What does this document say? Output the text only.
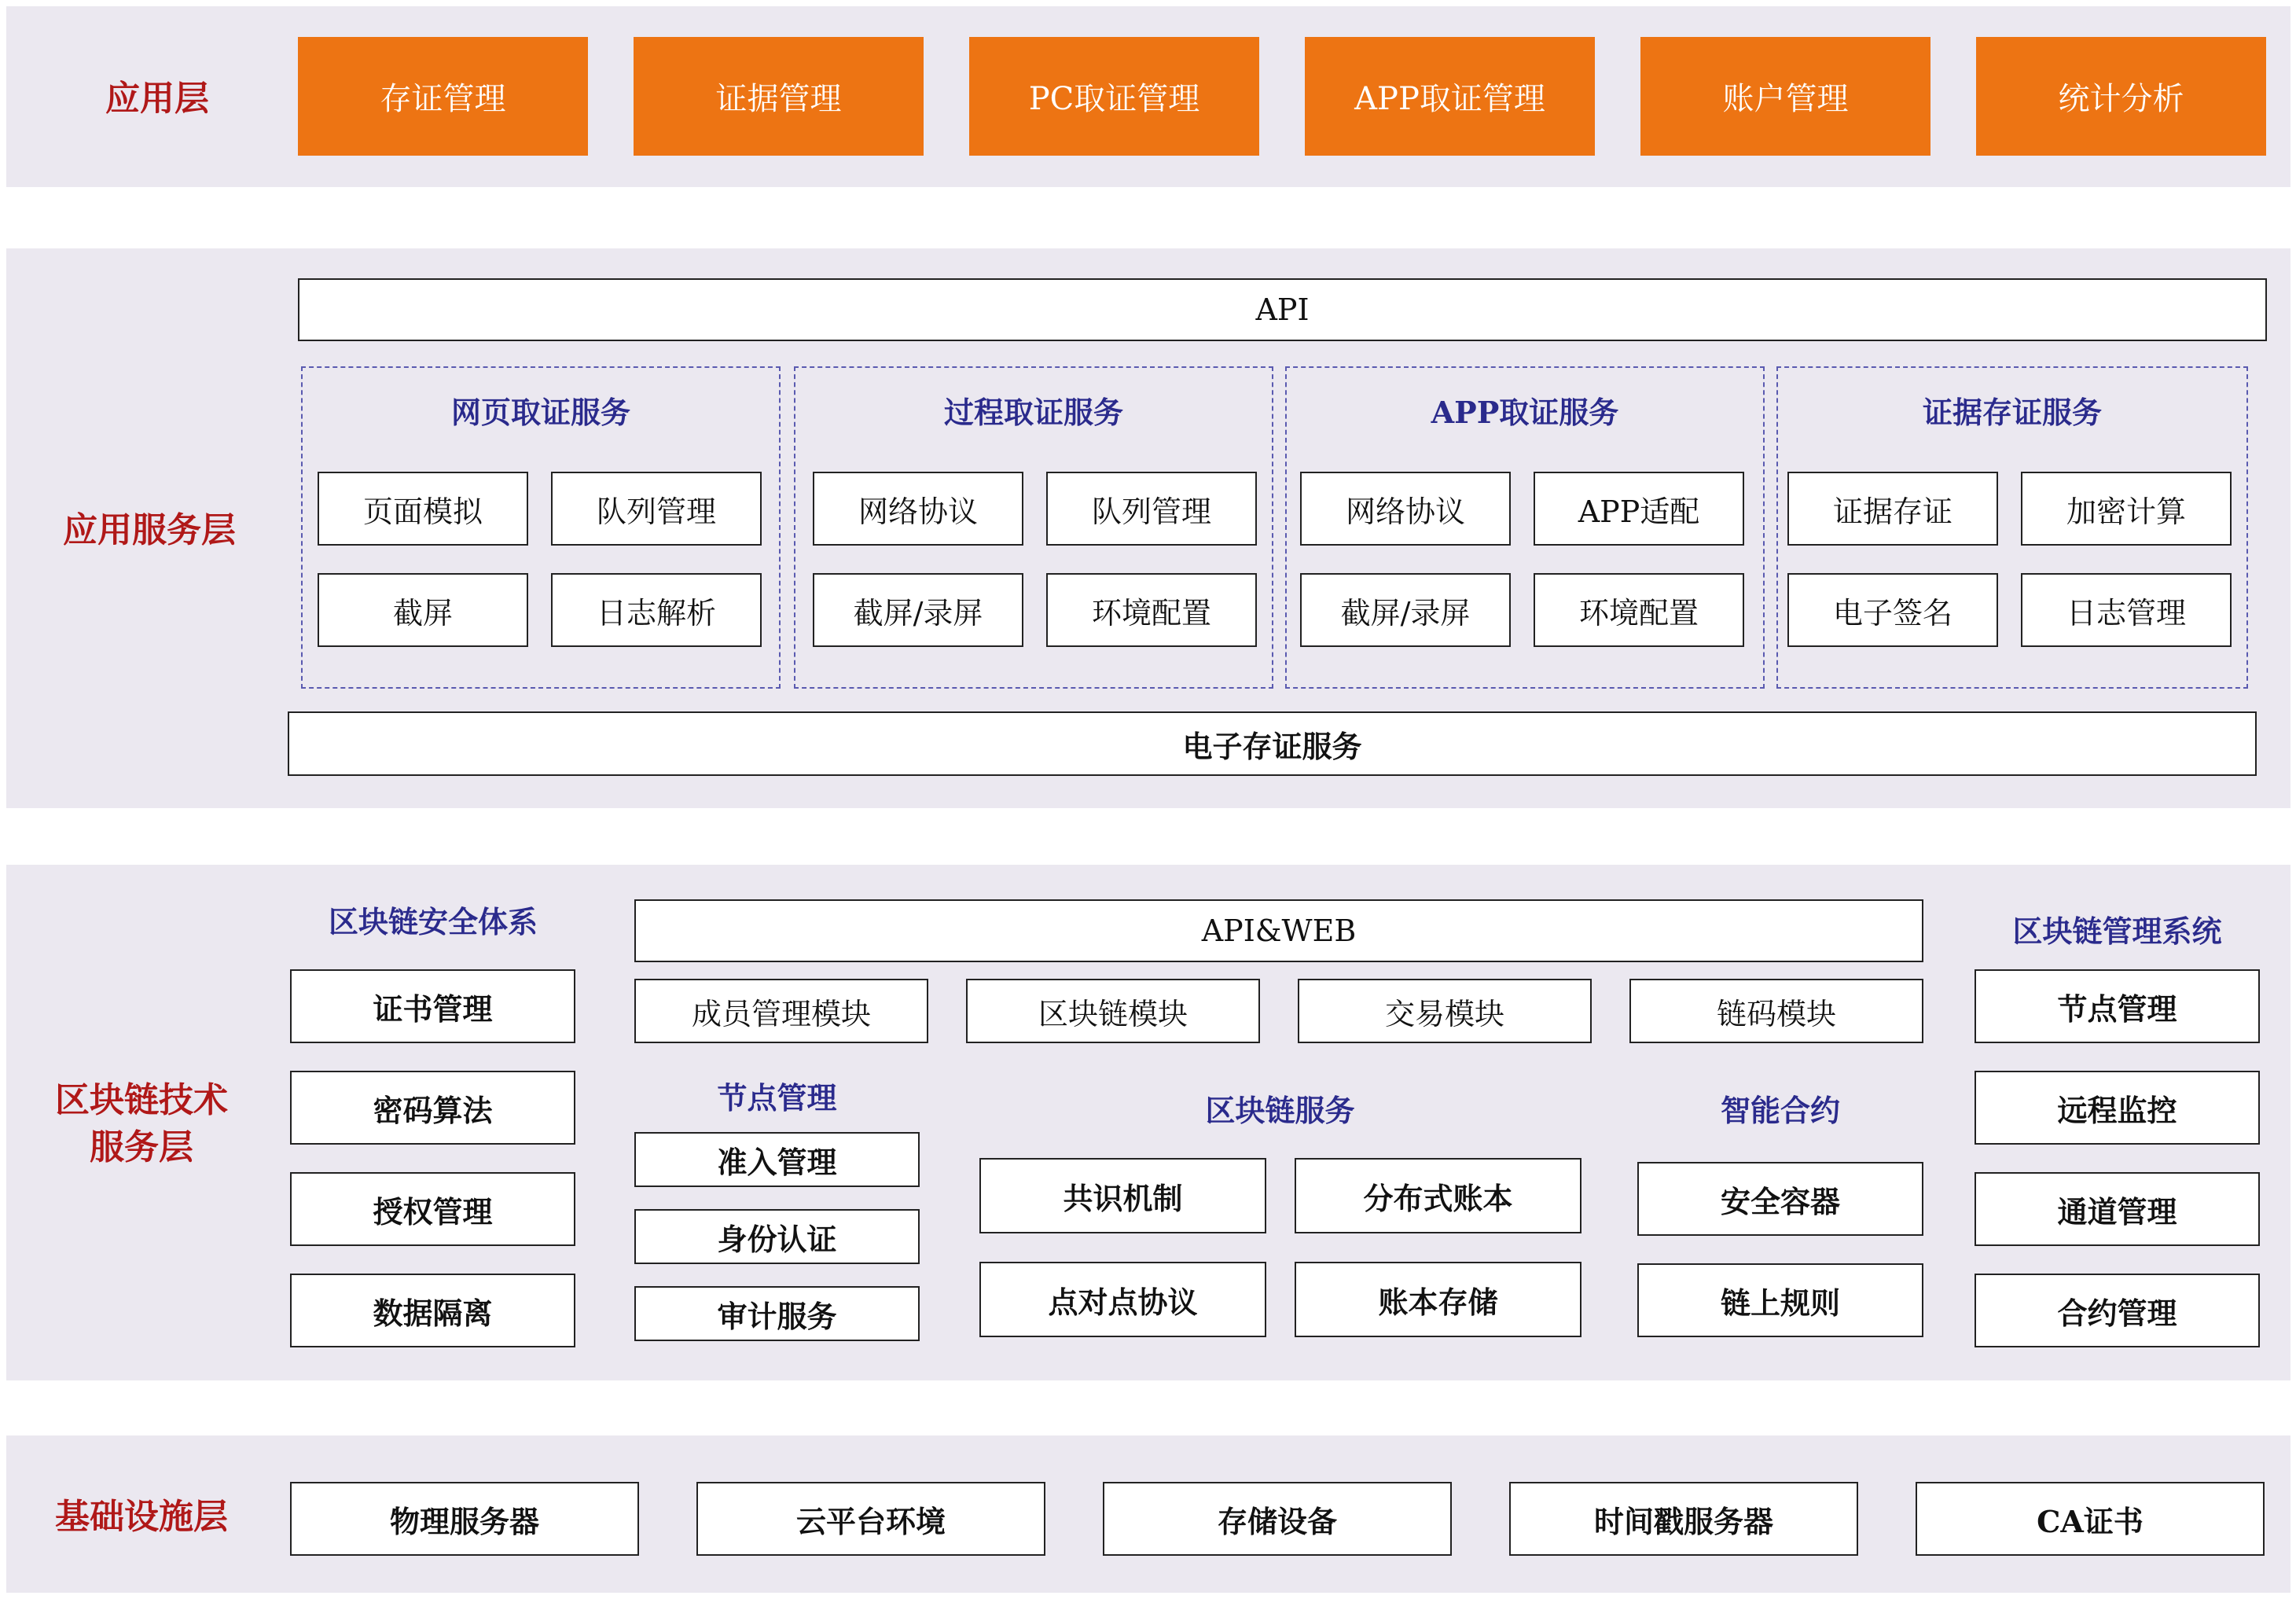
应用层	存证管理	证据管理	PC取证管理	APP取证管理	账户管理	统计分析
应用服务层
API
网页取证服务
页面模拟	队列管理
截屏	日志解析
过程取证服务
网络协议	队列管理
截屏/录屏	环境配置
APP取证服务
网络协议	APP适配
截屏/录屏	环境配置
证据存证服务
证据存证	加密计算
电子签名	日志管理
电子存证服务
区块链技术
服务层
区块链安全体系
证书管理
密码算法
授权管理
数据隔离
API&WEB
成员管理模块	区块链模块	交易模块	链码模块
节点管理
准入管理
身份认证
审计服务
区块链服务
共识机制	分布式账本
点对点协议	账本存储
智能合约
安全容器
链上规则
区块链管理系统
节点管理
远程监控
通道管理
合约管理
基础设施层	物理服务器	云平台环境	存储设备	时间戳服务器	CA证书
